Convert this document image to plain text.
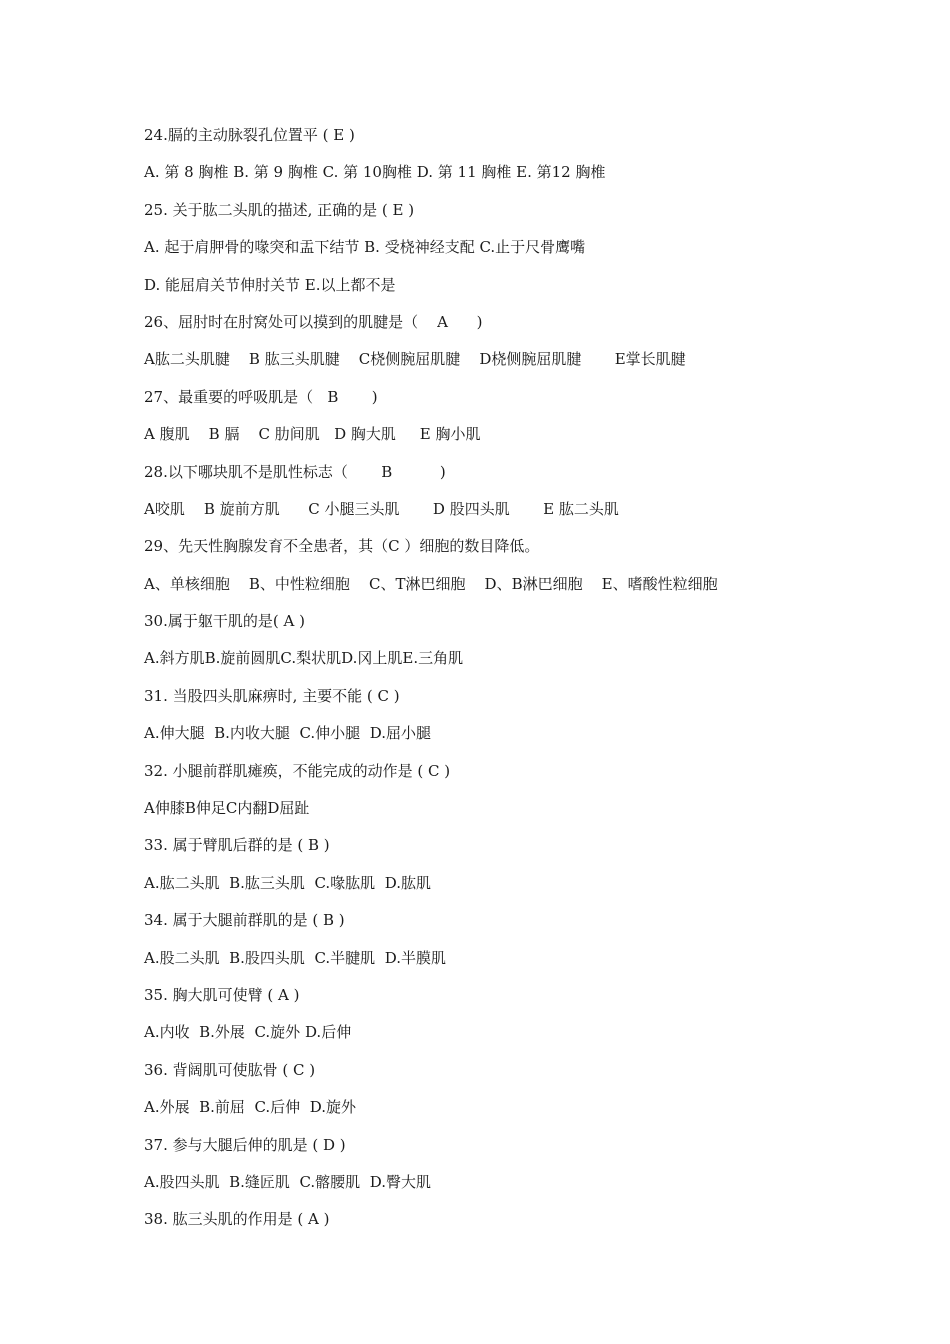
24.膈的主动脉裂孔位置平 ( E )
A. 第 8 胸椎 B. 第 9 胸椎 C. 第 10胸椎 D. 第 11 胸椎 E. 第12 胸椎
25. 关于肱二头肌的描述, 正确的是 ( E )
A. 起于肩胛骨的喙突和盂下结节 B. 受桡神经支配 C.止于尺骨鹰嘴
D. 能屈肩关节伸肘关节 E.以上都不是
26、屈肘时在肘窝处可以摸到的肌腱是（    A      )
A肱二头肌腱    B 肱三头肌腱    C桡侧腕屈肌腱    D桡侧腕屈肌腱       E掌长肌腱
27、最重要的呼吸肌是（   B       )
A 腹肌    B 膈    C 肋间肌   D 胸大肌     E 胸小肌
28.以下哪块肌不是肌性标志（       B          )
A咬肌    B 旋前方肌      C 小腿三头肌       D 股四头肌       E 肱二头肌
29、先天性胸腺发育不全患者，其（C ）细胞的数目降低。
A、单核细胞    B、中性粒细胞    C、T淋巴细胞    D、B淋巴细胞    E、嗜酸性粒细胞
30.属于躯干肌的是( A )
A.斜方肌B.旋前圆肌C.梨状肌D.冈上肌E.三角肌
31. 当股四头肌麻痹时, 主要不能 ( C )
A.伸大腿  B.内收大腿  C.伸小腿  D.屈小腿
32. 小腿前群肌瘫痪，不能完成的动作是 ( C )
A伸膝B伸足C内翻D屈趾
33. 属于臂肌后群的是 ( B )
A.肱二头肌  B.肱三头肌  C.喙肱肌  D.肱肌
34. 属于大腿前群肌的是 ( B )
A.股二头肌  B.股四头肌  C.半腱肌  D.半膜肌
35. 胸大肌可使臂 ( A )
A.内收  B.外展  C.旋外 D.后伸
36. 背阔肌可使肱骨 ( C )
A.外展  B.前屈  C.后伸  D.旋外
37. 参与大腿后伸的肌是 ( D )
A.股四头肌  B.缝匠肌  C.髂腰肌  D.臀大肌
38. 肱三头肌的作用是 ( A )
